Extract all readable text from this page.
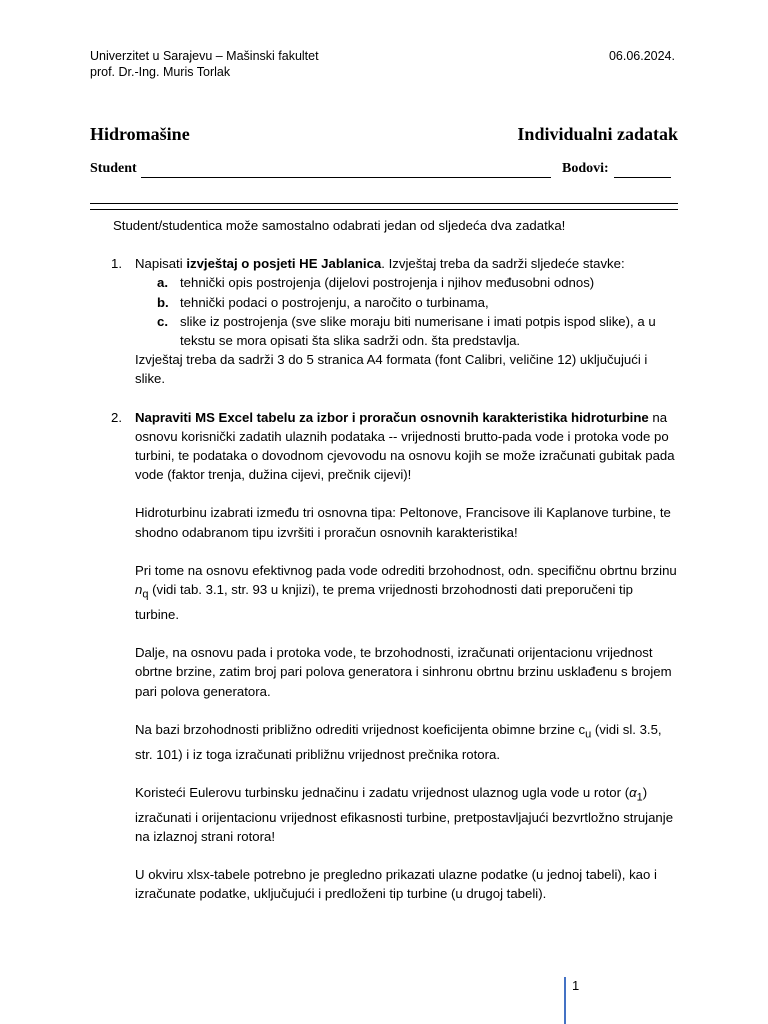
Univerzitet u Sarajevu – Mašinski fakultet
prof. Dr.-Ing. Muris Torlak
06.06.2024.
Hidromašine	Individualni zadatak
Student	Bodovi:

Student/studentica može samostalno odabrati jedan od sljedeća dva zadatka!

1. Napisati izvještaj o posjeti HE Jablanica. Izvještaj treba da sadrži sljedeće stavke:

a. tehnički opis postrojenja (dijelovi postrojenja i njihov međusobni odnos)
b. tehnički podaci o postrojenju, a naročito o turbinama,
c. slike iz postrojenja (sve slike moraju biti numerisane i imati potpis ispod slike), a u tekstu se mora opisati šta slika sadrži odn. šta predstavlja.

Izvještaj treba da sadrži 3 do 5 stranica A4 formata (font Calibri, veličine 12) uključujući i slike.

2. Napraviti MS Excel tabelu za izbor i proračun osnovnih karakteristika hidroturbine na osnovu korisnički zadatih ulaznih podataka -- vrijednosti brutto-pada vode i protoka vode po turbini, te podataka o dovodnom cjevovodu na osnovu kojih se može izračunati gubitak pada vode (faktor trenja, dužina cijevi, prečnik cijevi)!

Hidroturbinu izabrati između tri osnovna tipa: Peltonove, Francisove ili Kaplanove turbine, te shodno odabranom tipu izvršiti i proračun osnovnih karakteristika!

Pri tome na osnovu efektivnog pada vode odrediti brzohodnost, odn. specifičnu obrtnu brzinu $n_q$ (vidi tab. 3.1, str. 93 u knjizi), te prema vrijednosti brzohodnosti dati preporučeni tip turbine.

Dalje, na osnovu pada i protoka vode, te brzohodnosti, izračunati orijentacionu vrijednost obrtne brzine, zatim broj pari polova generatora i sinhronu obrtnu brzinu usklađenu s brojem pari polova generatora.

Na bazi brzohodnosti približno odrediti vrijednost koeficijenta obimne brzine $c_u$ (vidi sl. 3.5, str. 101) i iz toga izračunati približnu vrijednost prečnika rotora.

Koristeći Eulerovu turbinsku jednačinu i zadatu vrijednost ulaznog ugla vode u rotor $(\alpha_1)$ izračunati i orijentacionu vrijednost efikasnosti turbine, pretpostavljajući bezvrtložno strujanje na izlaznoj strani rotora!

U okviru xlsx-tabele potrebno je pregledno prikazati ulazne podatke (u jednoj tabeli), kao i izračunate podatke, uključujući i predloženi tip turbine (u drugoj tabeli).

1
